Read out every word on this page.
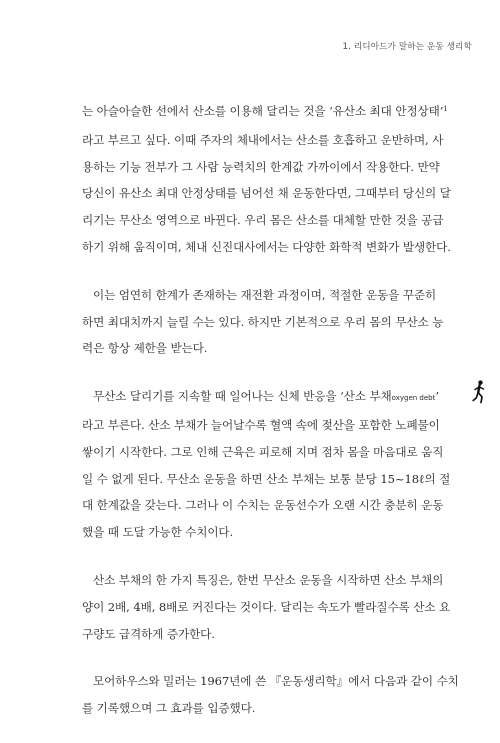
1. 리디아드가 말하는 운동 생리학
는 아슬아슬한 선에서 산소를 이용해 달리는 것을 ‘유산소 최대 안정상태’$^1$
라고 부르고 싶다. 이때 주자의 체내에서는 산소를 호흡하고 운반하며, 사
용하는 기능 전부가 그 사람 능력치의 한계값 가까이에서 작용한다. 만약
당신이 유산소 최대 안정상태를 넘어선 채 운동한다면, 그때부터 당신의 달
리기는 무산소 영역으로 바뀐다. 우리 몸은 산소를 대체할 만한 것을 공급
하기 위해 움직이며, 체내 신진대사에서는 다양한 화학적 변화가 발생한다.
이는 엄연히 한계가 존재하는 재전환 과정이며, 적절한 운동을 꾸준히
하면 최대치까지 늘릴 수는 있다. 하지만 기본적으로 우리 몸의 무산소 능
력은 항상 제한을 받는다.
무산소 달리기를 지속할 때 일어나는 신체 반응을 ‘산소 부채oxygen debt’
라고 부른다. 산소 부채가 늘어날수록 혈액 속에 젖산을 포함한 노폐물이
쌓이기 시작한다. 그로 인해 근육은 피로해 지며 점차 몸을 마음대로 움직
일 수 없게 된다. 무산소 운동을 하면 산소 부채는 보통 분당 15~18ℓ의 절
대 한계값을 갖는다. 그러나 이 수치는 운동선수가 오랜 시간 충분히 운동
했을 때 도달 가능한 수치이다.
산소 부채의 한 가지 특징은, 한번 무산소 운동을 시작하면 산소 부채의
양이 2배, 4배, 8배로 커진다는 것이다. 달리는 속도가 빨라질수록 산소 요
구량도 급격하게 증가한다.
모어하우스와 밀러는 1967년에 쓴 『운동생리학』에서 다음과 같이 수치
를 기록했으며 그 효과를 입증했다.
